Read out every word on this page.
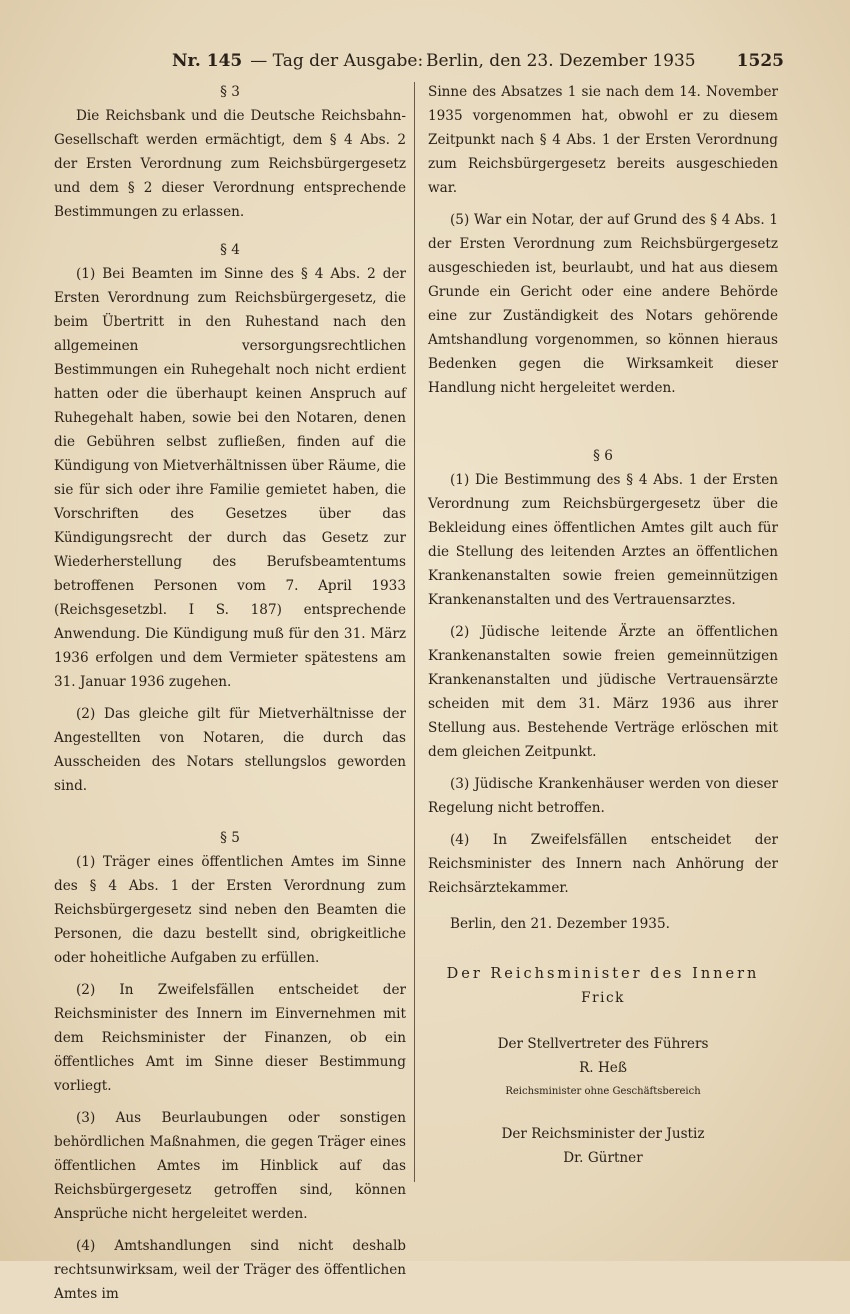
Nr. 145 — Tag der Ausgabe: Berlin, den 23. Dezember 1935 1525
§ 3

Die Reichsbank und die Deutsche Reichsbahn-Gesellschaft werden ermächtigt, dem § 4 Abs. 2 der Ersten Verordnung zum Reichsbürgergesetz und dem § 2 dieser Verordnung entsprechende Bestimmungen zu erlassen.

§ 4

(1) Bei Beamten im Sinne des § 4 Abs. 2 der Ersten Verordnung zum Reichsbürgergesetz, die beim Übertritt in den Ruhestand nach den allgemeinen versorgungsrechtlichen Bestimmungen ein Ruhegehalt noch nicht erdient hatten oder die überhaupt keinen Anspruch auf Ruhegehalt haben, sowie bei den Notaren, denen die Gebühren selbst zufließen, finden auf die Kündigung von Mietverhältnissen über Räume, die sie für sich oder ihre Familie gemietet haben, die Vorschriften des Gesetzes über das Kündigungsrecht der durch das Gesetz zur Wiederherstellung des Berufsbeamtentums betroffenen Personen vom 7. April 1933 (Reichsgesetzbl. I S. 187) entsprechende Anwendung. Die Kündigung muß für den 31. März 1936 erfolgen und dem Vermieter spätestens am 31. Januar 1936 zugehen.

(2) Das gleiche gilt für Mietverhältnisse der Angestellten von Notaren, die durch das Ausscheiden des Notars stellungslos geworden sind.

§ 5

(1) Träger eines öffentlichen Amtes im Sinne des § 4 Abs. 1 der Ersten Verordnung zum Reichsbürgergesetz sind neben den Beamten die Personen, die dazu bestellt sind, obrigkeitliche oder hoheitliche Aufgaben zu erfüllen.

(2) In Zweifelsfällen entscheidet der Reichsminister des Innern im Einvernehmen mit dem Reichsminister der Finanzen, ob ein öffentliches Amt im Sinne dieser Bestimmung vorliegt.

(3) Aus Beurlaubungen oder sonstigen behördlichen Maßnahmen, die gegen Träger eines öffentlichen Amtes im Hinblick auf das Reichsbürgergesetz getroffen sind, können Ansprüche nicht hergeleitet werden.

(4) Amtshandlungen sind nicht deshalb rechtsunwirksam, weil der Träger des öffentlichen Amtes im

Sinne des Absatzes 1 sie nach dem 14. November 1935 vorgenommen hat, obwohl er zu diesem Zeitpunkt nach § 4 Abs. 1 der Ersten Verordnung zum Reichsbürgergesetz bereits ausgeschieden war.

(5) War ein Notar, der auf Grund des § 4 Abs. 1 der Ersten Verordnung zum Reichsbürgergesetz ausgeschieden ist, beurlaubt, und hat aus diesem Grunde ein Gericht oder eine andere Behörde eine zur Zuständigkeit des Notars gehörende Amtshandlung vorgenommen, so können hieraus Bedenken gegen die Wirksamkeit dieser Handlung nicht hergeleitet werden.

§ 6

(1) Die Bestimmung des § 4 Abs. 1 der Ersten Verordnung zum Reichsbürgergesetz über die Bekleidung eines öffentlichen Amtes gilt auch für die Stellung des leitenden Arztes an öffentlichen Krankenanstalten sowie freien gemeinnützigen Krankenanstalten und des Vertrauensarztes.

(2) Jüdische leitende Ärzte an öffentlichen Krankenanstalten sowie freien gemeinnützigen Krankenanstalten und jüdische Vertrauensärzte scheiden mit dem 31. März 1936 aus ihrer Stellung aus. Bestehende Verträge erlöschen mit dem gleichen Zeitpunkt.

(3) Jüdische Krankenhäuser werden von dieser Regelung nicht betroffen.

(4) In Zweifelsfällen entscheidet der Reichsminister des Innern nach Anhörung der Reichsärztekammer.

Berlin, den 21. Dezember 1935.

Der Reichsminister des Innern
Frick
Der Stellvertreter des Führers
R. Heß
Reichsminister ohne Geschäftsbereich
Der Reichsminister der Justiz
Dr. Gürtner
